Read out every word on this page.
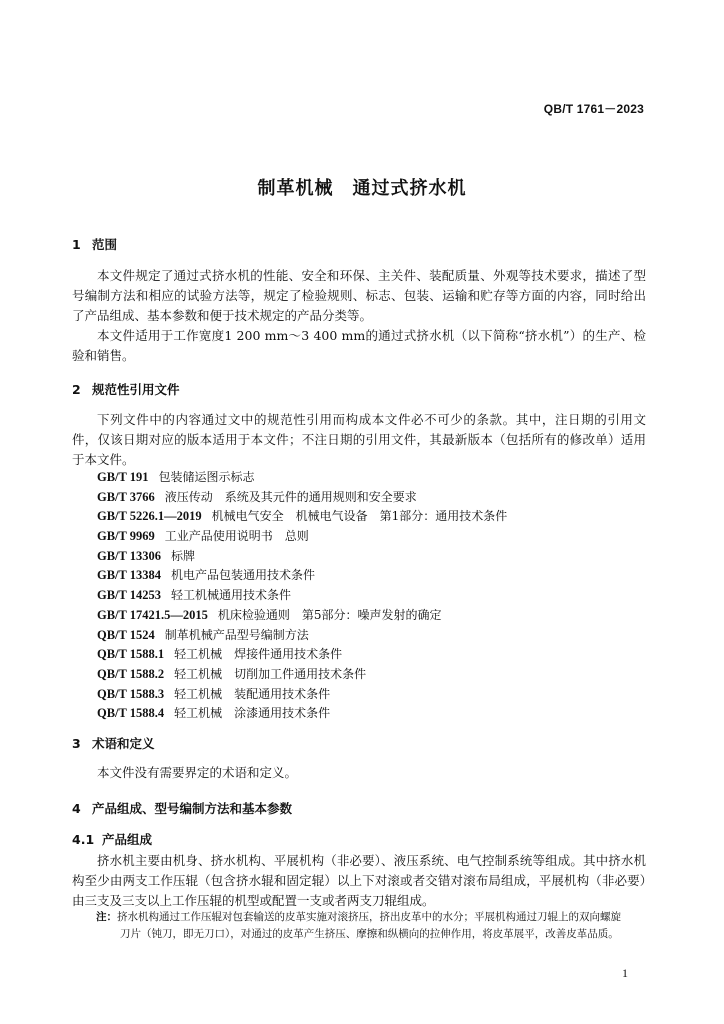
QB/T 1761－2023
制革机械　通过式挤水机
1 范围
本文件规定了通过式挤水机的性能、安全和环保、主关件、装配质量、外观等技术要求，描述了型号编制方法和相应的试验方法等，规定了检验规则、标志、包装、运输和贮存等方面的内容，同时给出了产品组成、基本参数和便于技术规定的产品分类等。
本文件适用于工作宽度1 200 mm～3 400 mm的通过式挤水机（以下简称“挤水机”）的生产、检验和销售。
2 规范性引用文件
下列文件中的内容通过文中的规范性引用而构成本文件必不可少的条款。其中，注日期的引用文件，仅该日期对应的版本适用于本文件；不注日期的引用文件，其最新版本（包括所有的修改单）适用于本文件。
GB/T 191 包装储运图示标志
GB/T 3766 液压传动　系统及其元件的通用规则和安全要求
GB/T 5226.1—2019 机械电气安全　机械电气设备　第1部分：通用技术条件
GB/T 9969 工业产品使用说明书　总则
GB/T 13306 标牌
GB/T 13384 机电产品包装通用技术条件
GB/T 14253 轻工机械通用技术条件
GB/T 17421.5—2015 机床检验通则　第5部分：噪声发射的确定
QB/T 1524 制革机械产品型号编制方法
QB/T 1588.1 轻工机械　焊接件通用技术条件
QB/T 1588.2 轻工机械　切削加工件通用技术条件
QB/T 1588.3 轻工机械　装配通用技术条件
QB/T 1588.4 轻工机械　涂漆通用技术条件
3 术语和定义
本文件没有需要界定的术语和定义。
4 产品组成、型号编制方法和基本参数
4.1 产品组成
挤水机主要由机身、挤水机构、平展机构（非必要）、液压系统、电气控制系统等组成。其中挤水机构至少由两支工作压辊（包含挤水辊和固定辊）以上下对滚或者交错对滚布局组成，平展机构（非必要）由三支及三支以上工作压辊的机型或配置一支或者两支刀辊组成。
注：挤水机构通过工作压辊对包套输送的皮革实施对滚挤压，挤出皮革中的水分；平展机构通过刀辊上的双向螺旋
刀片（钝刀，即无刀口），对通过的皮革产生挤压、摩擦和纵横向的拉伸作用，将皮革展平，改善皮革品质。
1
